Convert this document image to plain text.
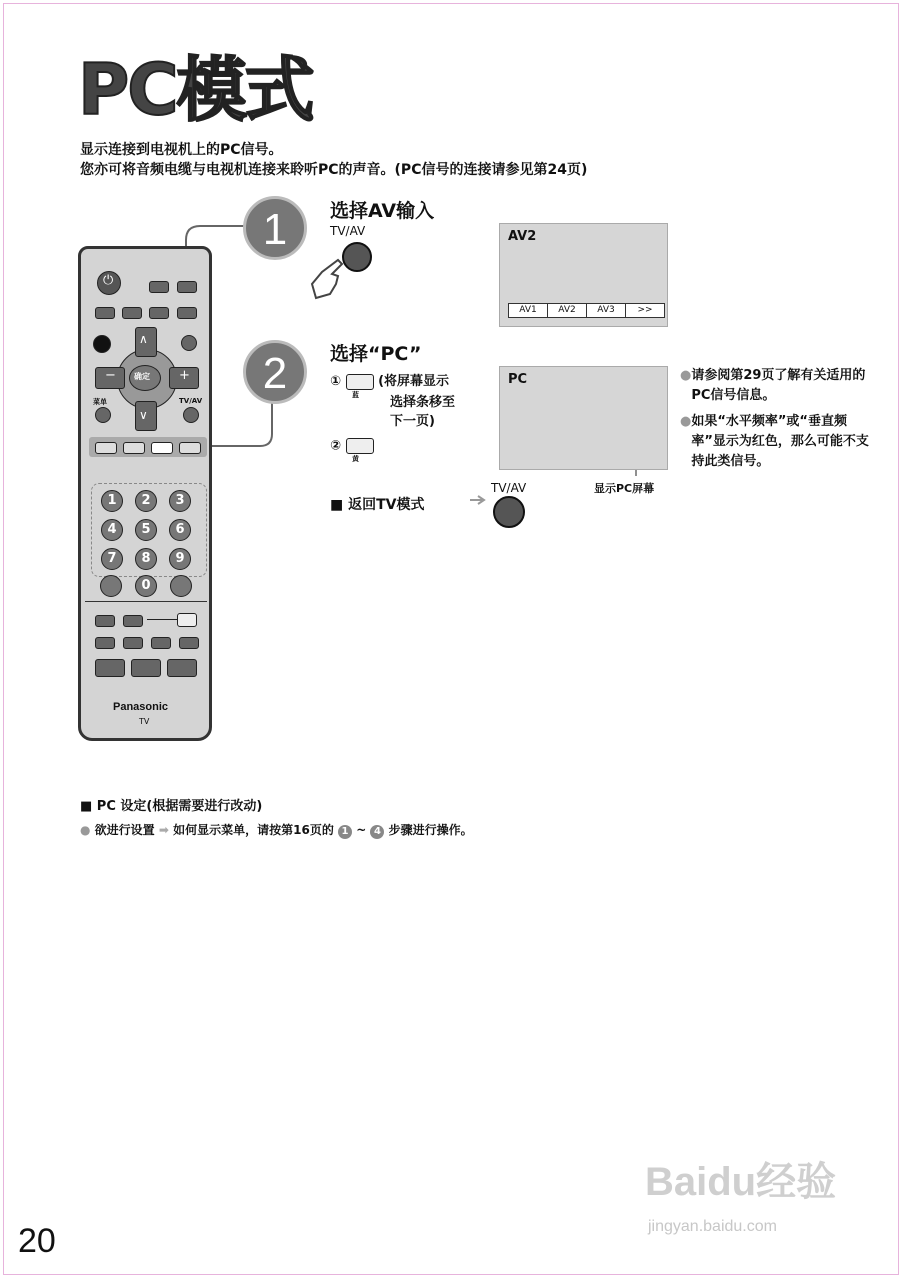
PC模式
显示连接到电视机上的PC信号。
您亦可将音频电缆与电视机连接来聆听PC的声音。(PC信号的连接请参见第24页)
1	选择AV输入
TV/AV	AV2
AV1	AV2	AV3	>>
2	选择“PC”
①	(将屏幕显示
蓝 选择条移至
下一页)
②
黄
PC
显示PC屏幕
● 请参阅第29页了解有关适用的PC信号信息。
● 如果“水平频率”或“垂直频率”显示为红色，那么可能不支持此类信号。
■ 返回TV模式
TV/AV
⏻
∧
∨
−	+
确定
菜单	TV/AV
1	2	3
4	5	6
7	8	9
0
Panasonic
TV
■ PC 设定(根据需要进行改动)
● 欲进行设置 ➡ 如何显示菜单，请按第16页的 1 ~ 4 步骤进行操作。
Baidu经验
jingyan.baidu.com
20
